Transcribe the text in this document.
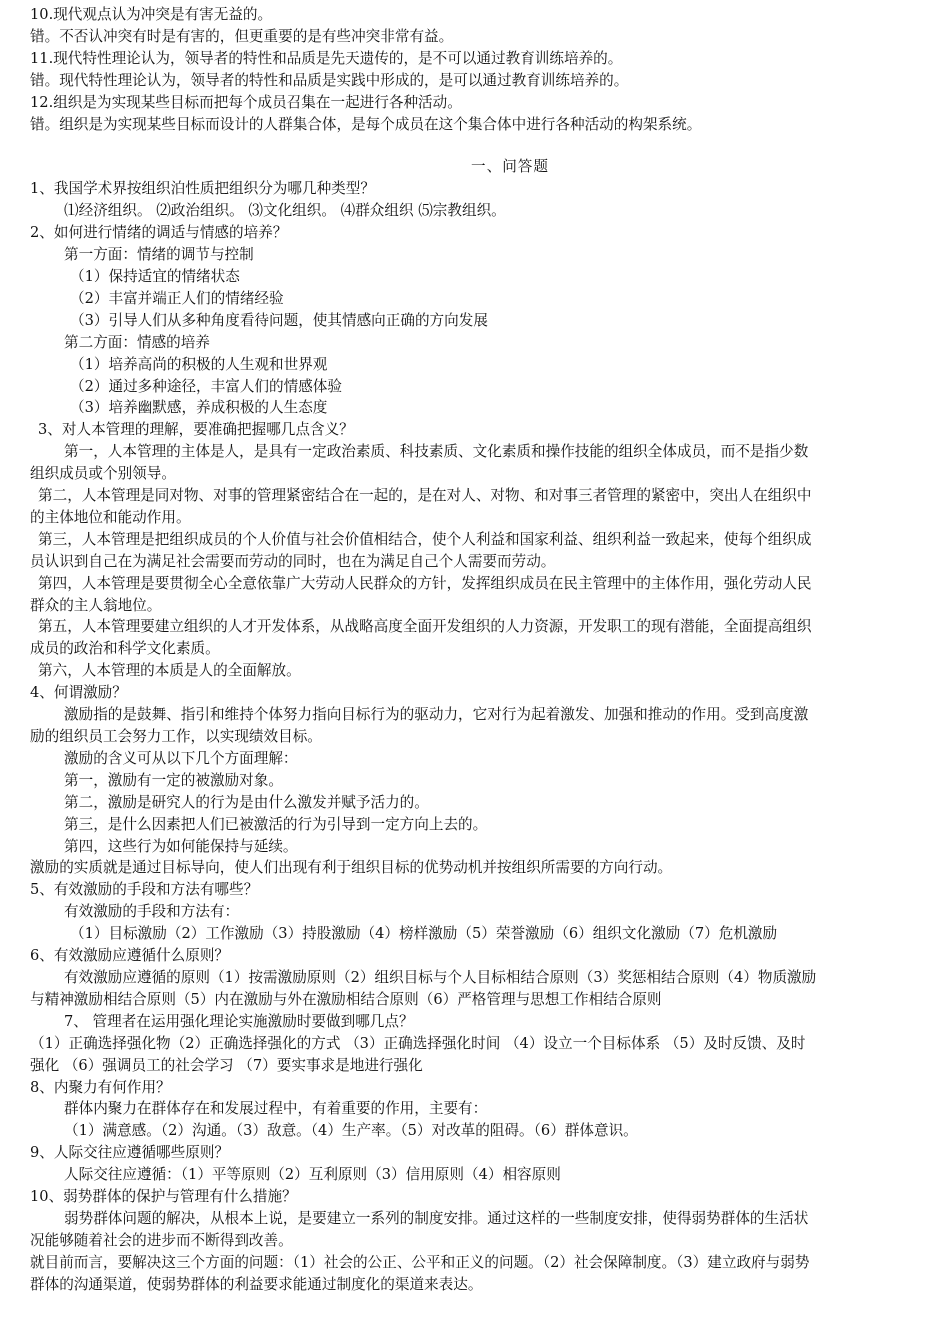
10.现代观点认为冲突是有害无益的。

错。不否认冲突有时是有害的，但更重要的是有些冲突非常有益。

11.现代特性理论认为，领导者的特性和品质是先天遗传的，是不可以通过教育训练培养的。

错。现代特性理论认为，领导者的特性和品质是实践中形成的，是可以通过教育训练培养的。

12.组织是为实现某些目标而把每个成员召集在一起进行各种活动。

错。组织是为实现某些目标而设计的人群集合体，是每个成员在这个集合体中进行各种活动的构架系统。

一、问答题

1、我国学术界按组织泊性质把组织分为哪几种类型？

⑴经济组织。 ⑵政治组织。 ⑶文化组织。 ⑷群众组织 ⑸宗教组织。

2、如何进行情绪的调适与情感的培养？

第一方面：情绪的调节与控制

（1）保持适宜的情绪状态

（2）丰富并端正人们的情绪经验

（3）引导人们从多种角度看待问题，使其情感向正确的方向发展

第二方面：情感的培养

（1）培养高尚的积极的人生观和世界观

（2）通过多种途径，丰富人们的情感体验

（3）培养幽默感，养成积极的人生态度

3、对人本管理的理解，要准确把握哪几点含义？

第一，人本管理的主体是人，是具有一定政治素质、科技素质、文化素质和操作技能的组织全体成员，而不是指少数

组织成员或个别领导。

第二，人本管理是同对物、对事的管理紧密结合在一起的，是在对人、对物、和对事三者管理的紧密中，突出人在组织中

的主体地位和能动作用。

第三，人本管理是把组织成员的个人价值与社会价值相结合，使个人利益和国家利益、组织利益一致起来，使每个组织成

员认识到自己在为满足社会需要而劳动的同时，也在为满足自己个人需要而劳动。

第四，人本管理是要贯彻全心全意依靠广大劳动人民群众的方针，发挥组织成员在民主管理中的主体作用，强化劳动人民

群众的主人翁地位。

第五，人本管理要建立组织的人才开发体系，从战略高度全面开发组织的人力资源，开发职工的现有潜能，全面提高组织

成员的政治和科学文化素质。

第六，人本管理的本质是人的全面解放。

4、何谓激励？

激励指的是鼓舞、指引和维持个体努力指向目标行为的驱动力，它对行为起着激发、加强和推动的作用。受到高度激

励的组织员工会努力工作，以实现绩效目标。

激励的含义可从以下几个方面理解：

第一，激励有一定的被激励对象。

第二，激励是研究人的行为是由什么激发并赋予活力的。

第三，是什么因素把人们已被激活的行为引导到一定方向上去的。

第四，这些行为如何能保持与延续。

激励的实质就是通过目标导向，使人们出现有利于组织目标的优势动机并按组织所需要的方向行动。

5、有效激励的手段和方法有哪些？

有效激励的手段和方法有：

（1）目标激励（2）工作激励（3）持股激励（4）榜样激励（5）荣誉激励（6）组织文化激励（7）危机激励

6、有效激励应遵循什么原则？

有效激励应遵循的原则（1）按需激励原则（2）组织目标与个人目标相结合原则（3）奖惩相结合原则（4）物质激励

与精神激励相结合原则（5）内在激励与外在激励相结合原则（6）严格管理与思想工作相结合原则

7、 管理者在运用强化理论实施激励时要做到哪几点？

（1）正确选择强化物（2）正确选择强化的方式 （3）正确选择强化时间 （4）设立一个目标体系 （5）及时反馈、及时

强化 （6）强调员工的社会学习 （7）要实事求是地进行强化

8、内聚力有何作用？

群体内聚力在群体存在和发展过程中，有着重要的作用，主要有：

（1）满意感。（2）沟通。（3）敌意。（4）生产率。（5）对改革的阻碍。（6）群体意识。

9、人际交往应遵循哪些原则？

人际交往应遵循：（1）平等原则（2）互利原则（3）信用原则（4）相容原则

10、弱势群体的保护与管理有什么措施？

弱势群体问题的解决，从根本上说，是要建立一系列的制度安排。通过这样的一些制度安排，使得弱势群体的生活状

况能够随着社会的进步而不断得到改善。

就目前而言，要解决这三个方面的问题：（1）社会的公正、公平和正义的问题。（2）社会保障制度。（3）建立政府与弱势

群体的沟通渠道，使弱势群体的利益要求能通过制度化的渠道来表达。
